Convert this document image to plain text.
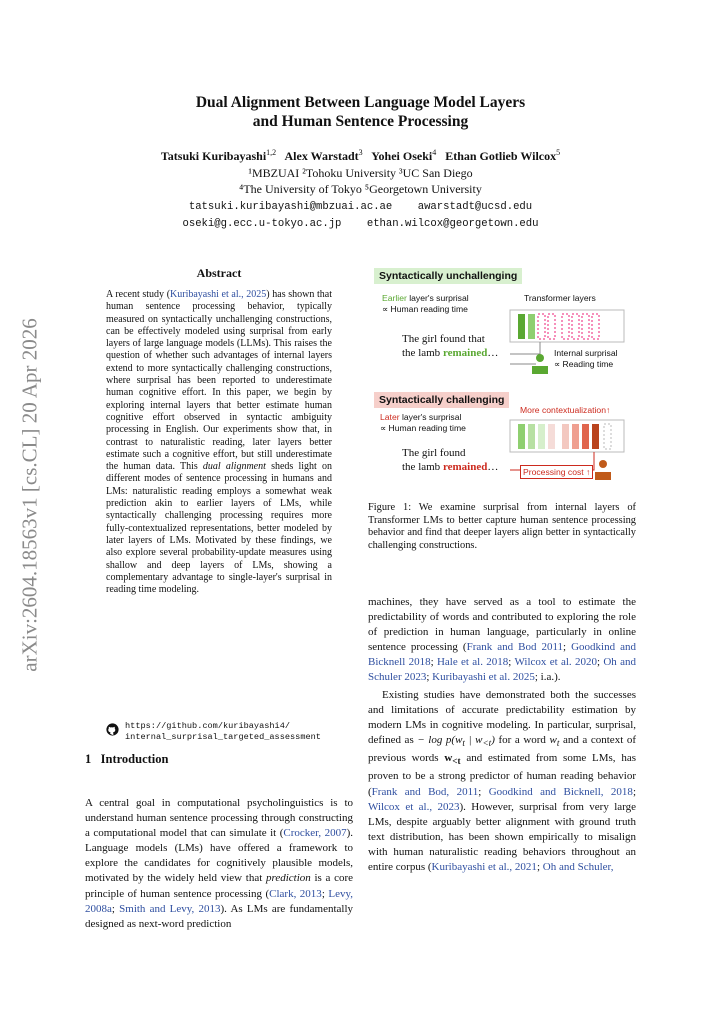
arXiv:2604.18563v1 [cs.CL] 20 Apr 2026
Dual Alignment Between Language Model Layers
and Human Sentence Processing
Tatsuki Kuribayashi$^{1,2}$ Alex Warstadt$^3$ Yohei Oseki$^4$ Ethan Gotlieb Wilcox$^5$
¹MBZUAI ²Tohoku University ³UC San Diego
⁴The University of Tokyo ⁵Georgetown University
tatsuki.kuribayashi@mbzuai.ac.ae    awarstadt@ucsd.edu
oseki@g.ecc.u-tokyo.ac.jp    ethan.wilcox@georgetown.edu
Abstract
A recent study (Kuribayashi et al., 2025) has shown that human sentence processing behavior, typically measured on syntactically unchallenging constructions, can be effectively modeled using surprisal from early layers of large language models (LLMs). This raises the question of whether such advantages of internal layers extend to more syntactically challenging constructions, where surprisal has been reported to underestimate human cognitive effort. In this paper, we begin by exploring internal layers that better estimate human cognitive effort observed in syntactic ambiguity processing in English. Our experiments show that, in contrast to naturalistic reading, later layers better estimate such a cognitive effort, but still underestimate the human data. This dual alignment sheds light on different modes of sentence processing in humans and LMs: naturalistic reading employs a somewhat weak prediction akin to earlier layers of LMs, while syntactically challenging processing requires more fully-contextualized representations, better modeled by later layers of LMs. Motivated by these findings, we also explore several probability-update measures using shallow and deep layers of LMs, showing a complementary advantage to single-layer's surprisal in reading time modeling.
https://github.com/kuribayashi4/
internal_surprisal_targeted_assessment
Syntactically unchallenging
Earlier layer's surprisal
∝ Human reading time
Transformer layers
The girl found that
the lamb remained…	Internal surprisal
∝ Reading time
Syntactically challenging
Later layer's surprisal
∝ Human reading time
More contextualization↑
The girl found
the lamb remained…	Processing cost ↑
Figure 1: We examine surprisal from internal layers of Transformer LMs to better capture human sentence processing behavior and find that deeper layers align better in syntactically challenging constructions.
1 Introduction
A central goal in computational psycholinguistics is to understand human sentence processing through constructing a computational model that can simulate it (Crocker, 2007). Language models (LMs) have offered a framework to explore the candidates for cognitively plausible models, motivated by the widely held view that prediction is a core principle of human sentence processing (Clark, 2013; Levy, 2008a; Smith and Levy, 2013). As LMs are fundamentally designed as next-word prediction

machines, they have served as a tool to estimate the predictability of words and contributed to exploring the role of prediction in human language, particularly in online sentence processing (Frank and Bod 2011; Goodkind and Bicknell 2018; Hale et al. 2018; Wilcox et al. 2020; Oh and Schuler 2023; Kuribayashi et al. 2025; i.a.).

Existing studies have demonstrated both the successes and limitations of accurate predictability estimation by modern LMs in cognitive modeling. In particular, surprisal, defined as − $\log p(w_t$ | $w_{<t}$) for a word $w_t$ and a context of previous words $w_{<t}$ and estimated from some LMs, has proven to be a strong predictor of human reading behavior (Frank and Bod, 2011; Goodkind and Bicknell, 2018; Wilcox et al., 2023). However, surprisal from very large LMs, despite arguably better alignment with ground truth text distribution, has been shown empirically to misalign with human naturalistic reading behaviors throughout an entire corpus (Kuribayashi et al., 2021; Oh and Schuler,
